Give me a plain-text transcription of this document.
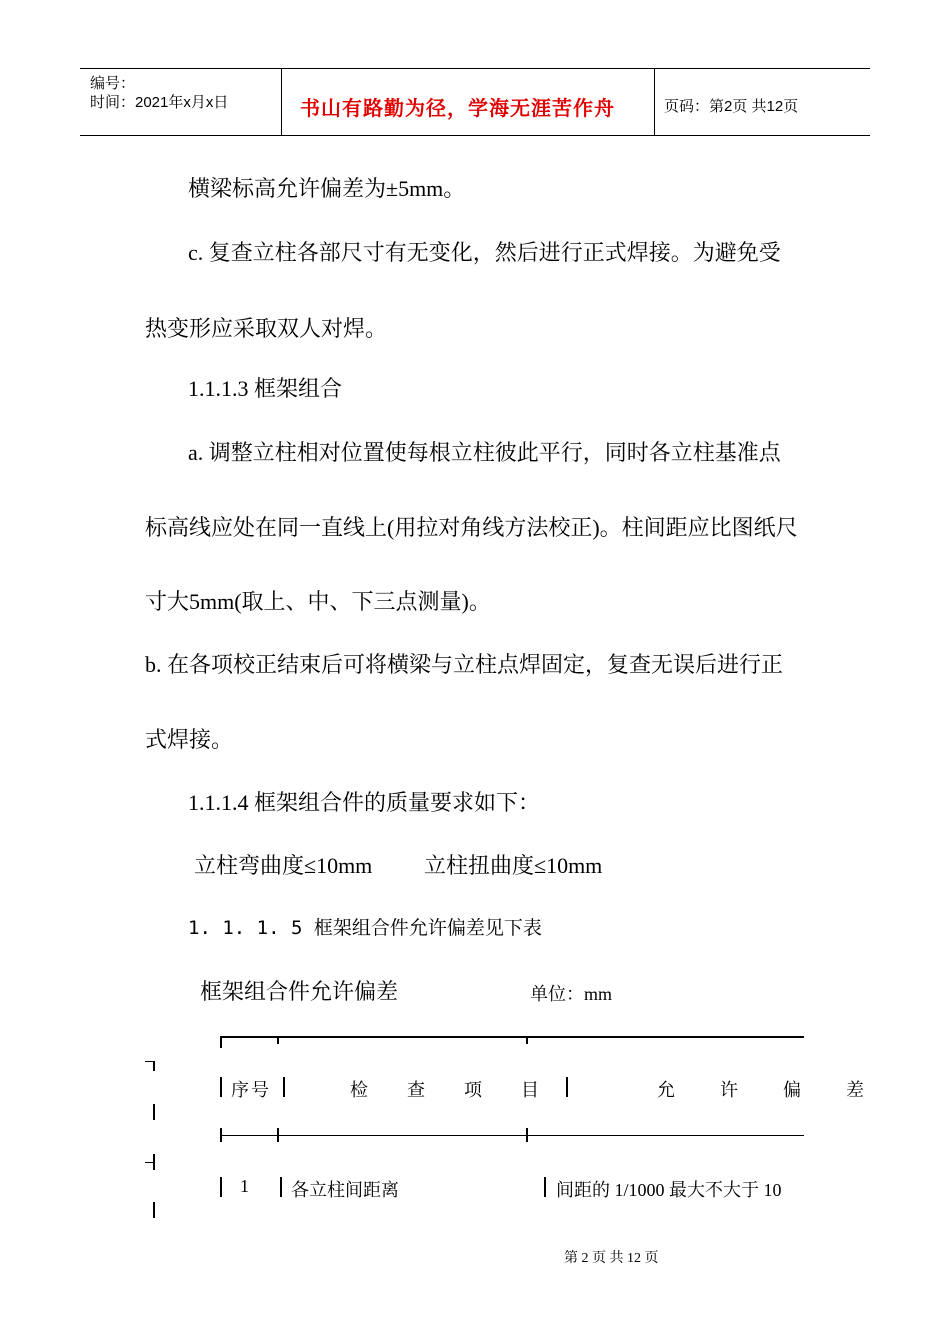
编号：
时间：2021年x月x日	书山有路勤为径，学海无涯苦作舟	页码：第2页 共12页
横梁标高允许偏差为±5mm。
c. 复查立柱各部尺寸有无变化，然后进行正式焊接。为避免受
热变形应采取双人对焊。
1.1.1.3 框架组合
a. 调整立柱相对位置使每根立柱彼此平行，同时各立柱基准点
标高线应处在同一直线上(用拉对角线方法校正)。柱间距应比图纸尺
寸大5mm(取上、中、下三点测量)。
b. 在各项校正结束后可将横梁与立柱点焊固定，复查无误后进行正
式焊接。
1.1.1.4 框架组合件的质量要求如下：
立柱弯曲度≤10mm 立柱扭曲度≤10mm
1. 1. 1. 5 框架组合件允许偏差见下表
框架组合件允许偏差	单位：mm
序号	检  查  项  目	允  许  偏  差
1 各立柱间距离	间距的 1/1000 最大不大于 10
第 2 页 共 12 页
